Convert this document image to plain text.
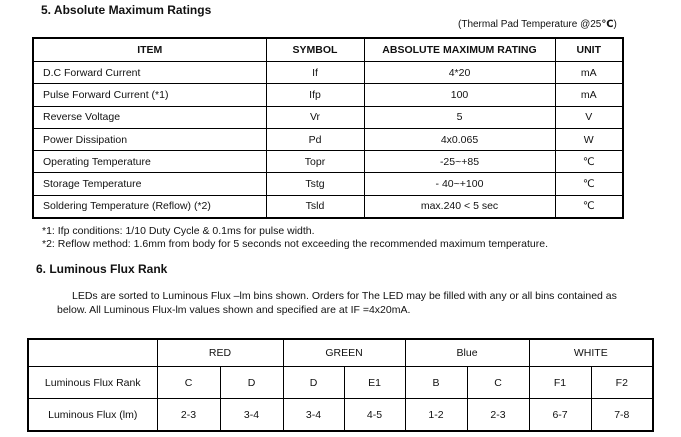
5. Absolute Maximum Ratings
(Thermal Pad Temperature @25℃)
ITEM	SYMBOL	ABSOLUTE MAXIMUM RATING	UNIT
D.C Forward Current	If	4*20	mA
Pulse Forward Current (*1)	Ifp	100	mA
Reverse Voltage	Vr	5	V
Power Dissipation	Pd	4x0.065	W
Operating Temperature	Topr	-25~+85	℃
Storage Temperature	Tstg	- 40~+100	℃
Soldering Temperature (Reflow) (*2)	Tsld	max.240 < 5 sec	℃
*1: Ifp conditions: 1/10 Duty Cycle & 0.1ms for pulse width.
*2: Reflow method: 1.6mm from body for 5 seconds not exceeding the recommended maximum temperature.
6. Luminous Flux Rank
LEDs are sorted to Luminous Flux –lm bins shown. Orders for The LED may be filled with any or all bins contained as
below. All Luminous Flux-lm values shown and specified are at IF =4x20mA.
	RED		GREEN		Blue		WHITE	
Luminous Flux Rank	C	D	D	E1	B	C	F1	F2
Luminous Flux (lm)	2-3	3-4	3-4	4-5	1-2	2-3	6-7	7-8
